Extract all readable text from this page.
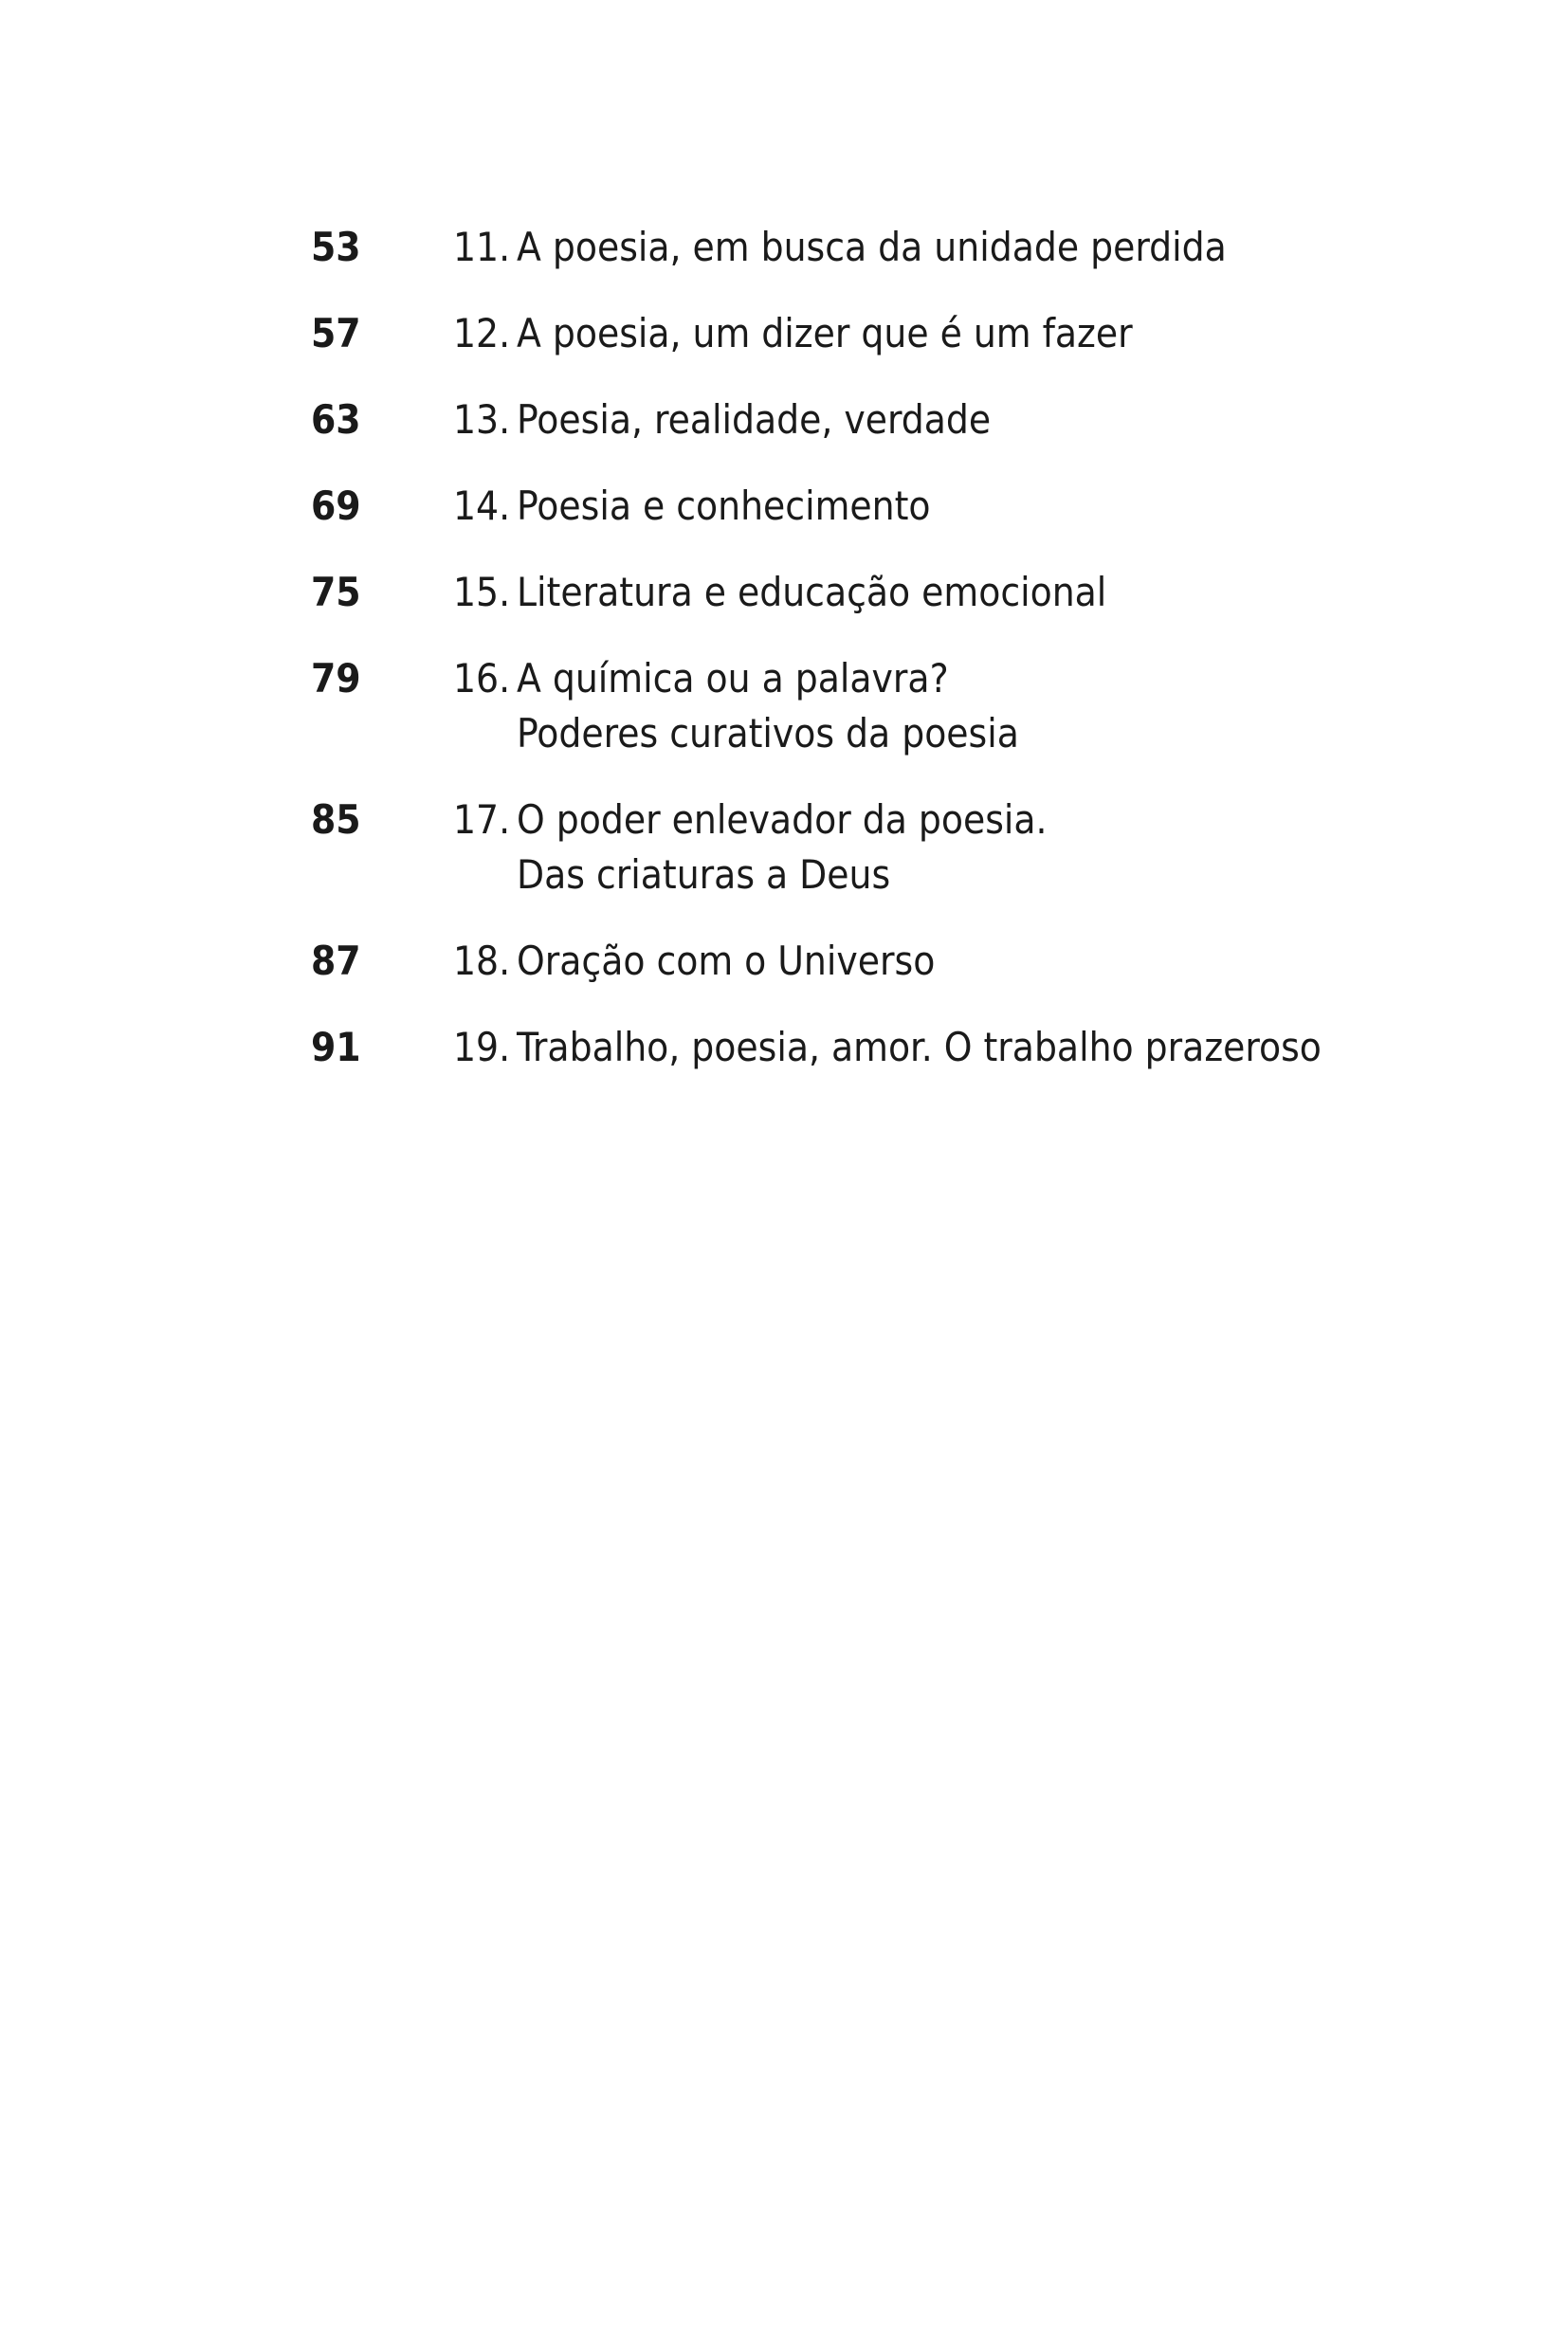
53 11. A poesia, em busca da unidade perdida
57 12. A poesia, um dizer que é um fazer
63 13. Poesia, realidade, verdade
69 14. Poesia e conhecimento
75 15. Literatura e educação emocional
79 16. A química ou a palavra?
Poderes curativos da poesia
85 17. O poder enlevador da poesia.
Das criaturas a Deus
87 18. Oração com o Universo
91 19. Trabalho, poesia, amor. O trabalho prazeroso
